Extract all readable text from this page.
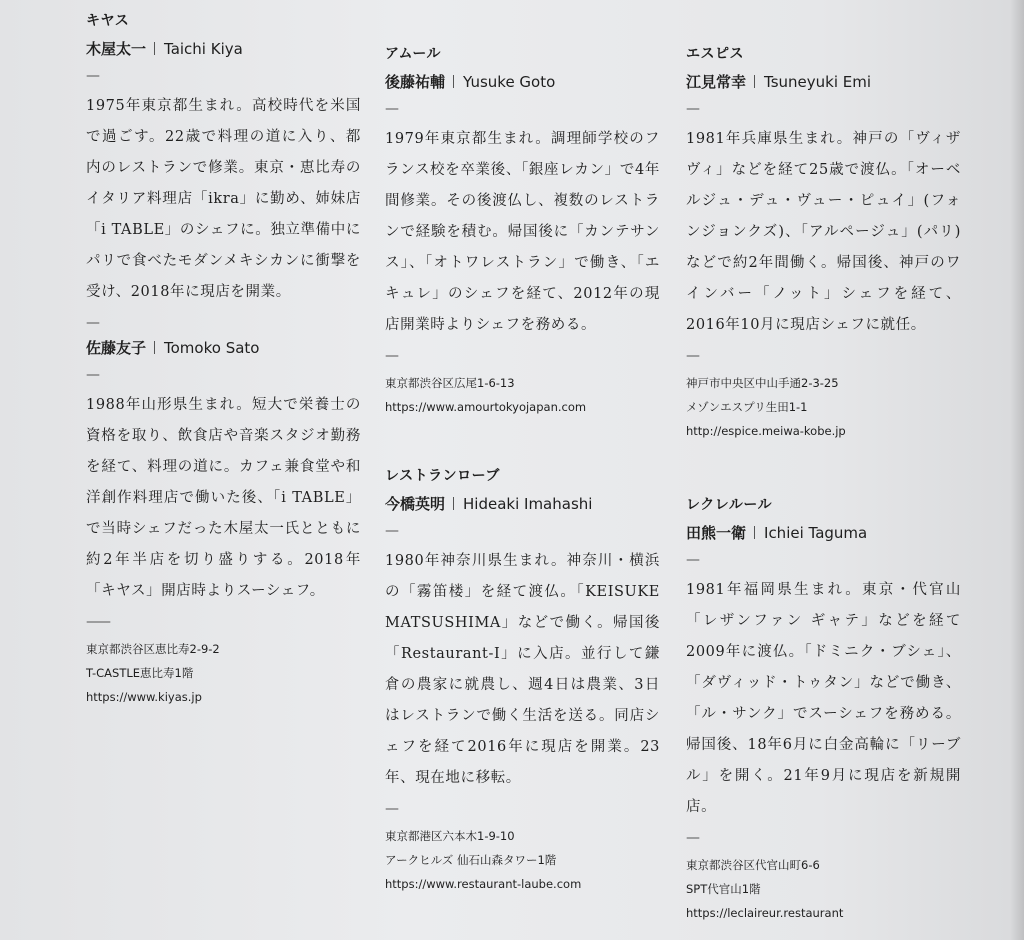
キヤス
木屋太一 Taichi Kiya
—

1975年東京都生まれ。高校時代を米国で過ごす。22歳で料理の道に入り、都内のレストランで修業。東京・恵比寿のイタリア料理店「ikra」に勤め、姉妹店「i TABLE」のシェフに。独立準備中にパリで食べたモダンメキシカンに衝撃を受け、2018年に現店を開業。

—
佐藤友子 Tomoko Sato
—

1988年山形県生まれ。短大で栄養士の資格を取り、飲食店や音楽スタジオ勤務を経て、料理の道に。カフェ兼食堂や和洋創作料理店で働いた後、「i TABLE」で当時シェフだった木屋太一氏とともに約2年半店を切り盛りする。2018年「キヤス」開店時よりスーシェフ。

——
東京都渋谷区恵比寿2-9-2
T-CASTLE恵比寿1階
https://www.kiyas.jp
アムール
後藤祐輔 Yusuke Goto
—

1979年東京都生まれ。調理師学校のフランス校を卒業後、「銀座レカン」で4年間修業。その後渡仏し、複数のレストランで経験を積む。帰国後に「カンテサンス」、「オトワレストラン」で働き、「エキュレ」のシェフを経て、2012年の現店開業時よりシェフを務める。

—
東京都渋谷区広尾1-6-13
https://www.amourtokyojapan.com
レストランローブ
今橋英明 Hideaki Imahashi
—

1980年神奈川県生まれ。神奈川・横浜の「霧笛楼」を経て渡仏。「KEISUKE MATSUSHIMA」などで働く。帰国後「Restaurant-I」に入店。並行して鎌倉の農家に就農し、週4日は農業、3日はレストランで働く生活を送る。同店シェフを経て2016年に現店を開業。23年、現在地に移転。

—
東京都港区六本木1-9-10
アークヒルズ 仙石山森タワー1階
https://www.restaurant-laube.com
エスピス
江見常幸 Tsuneyuki Emi
—

1981年兵庫県生まれ。神戸の「ヴィザヴィ」などを経て25歳で渡仏。「オーベルジュ・デュ・ヴュー・ピュイ」(フォンジョンクズ)、「アルページュ」(パリ)などで約2年間働く。帰国後、神戸のワインバー「ノット」シェフを経て、2016年10月に現店シェフに就任。

—
神戸市中央区中山手通2-3-25
メゾンエスプリ生田1-1
http://espice.meiwa-kobe.jp
レクレルール
田熊一衛 Ichiei Taguma
—

1981年福岡県生まれ。東京・代官山「レザンファン ギャテ」などを経て2009年に渡仏。「ドミニク・ブシェ」、「ダヴィッド・トゥタン」などで働き、「ル・サンク」でスーシェフを務める。帰国後、18年6月に白金高輪に「リーブル」を開く。21年9月に現店を新規開店。

—
東京都渋谷区代官山町6-6
SPT代官山1階
https://leclaireur.restaurant
